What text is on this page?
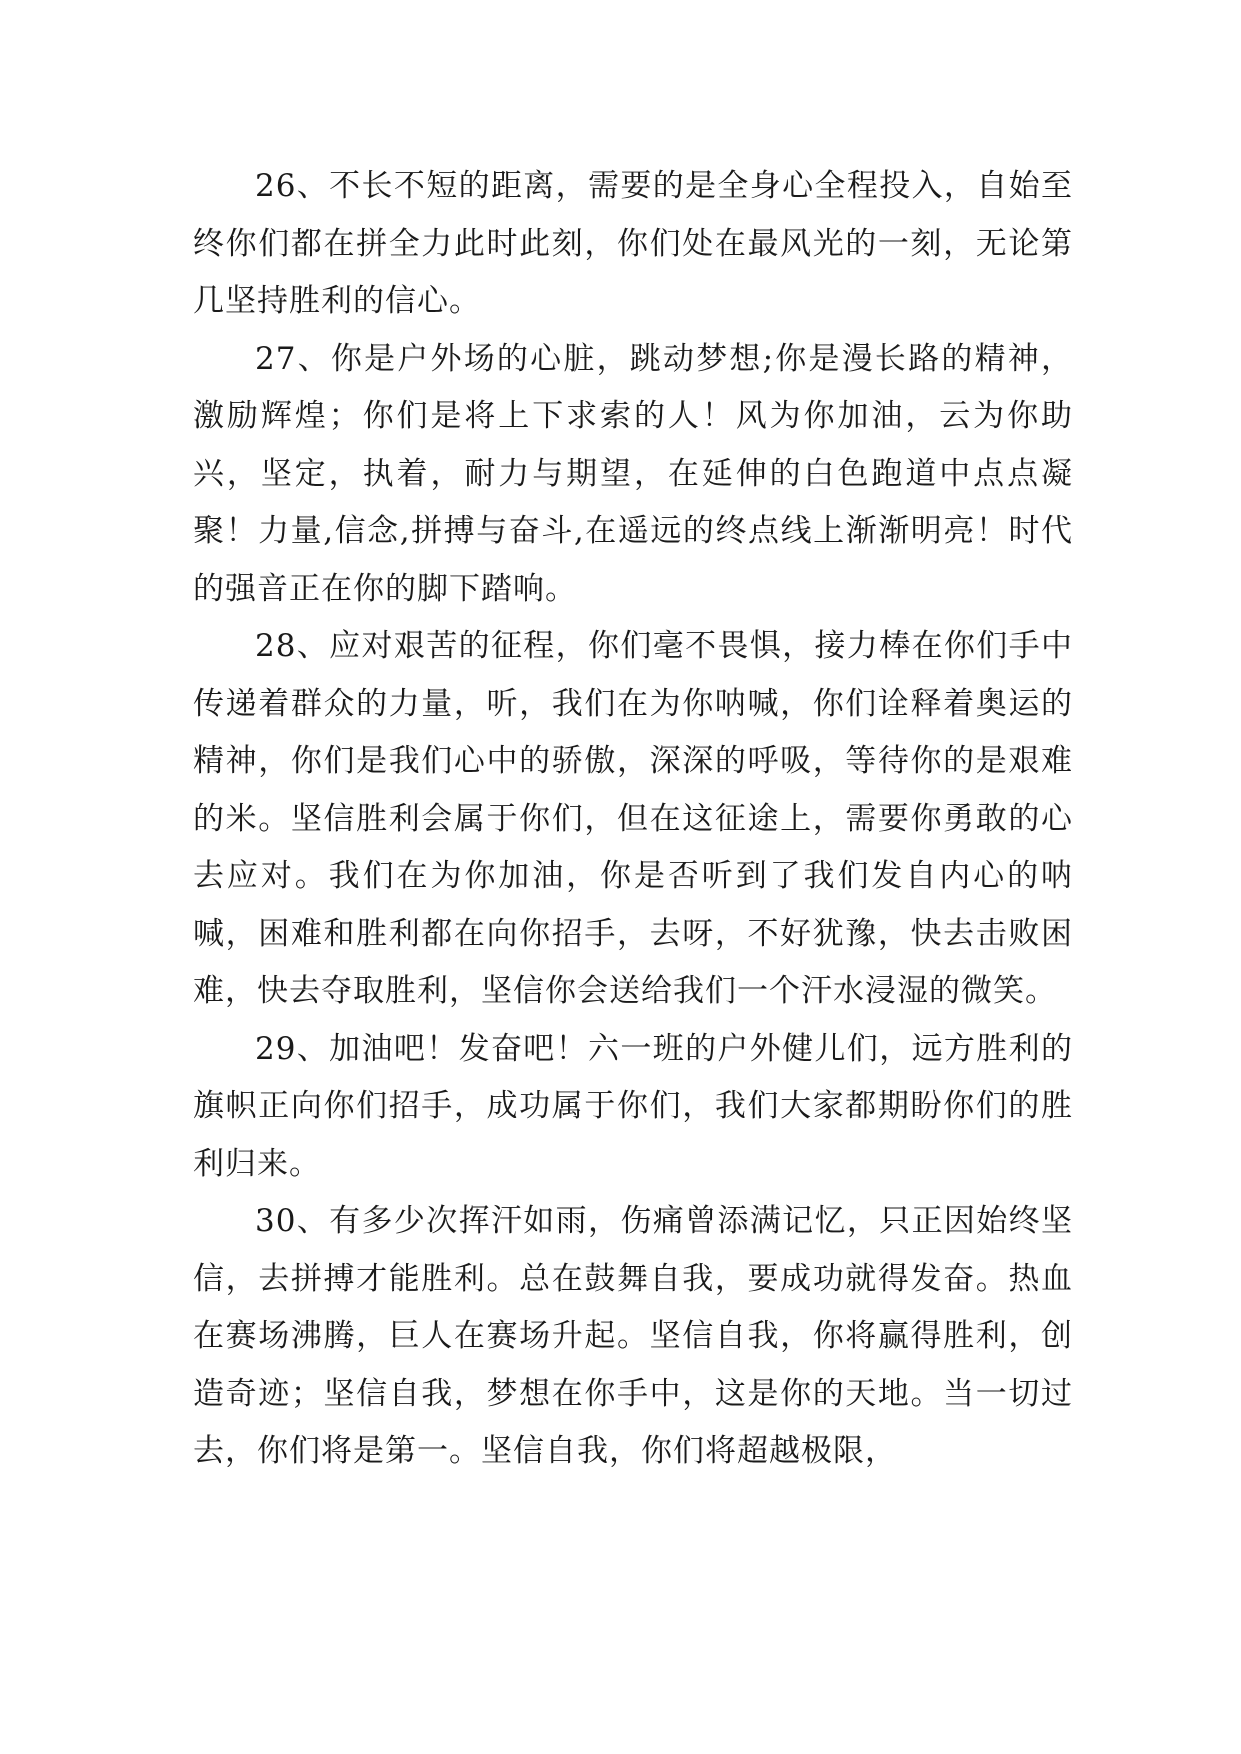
26、不长不短的距离，需要的是全身心全程投入，自始至终你们都在拼全力此时此刻，你们处在最风光的一刻，无论第几坚持胜利的信心。

27、你是户外场的心脏，跳动梦想;你是漫长路的精神，激励辉煌；你们是将上下求索的人！风为你加油，云为你助兴，坚定，执着，耐力与期望，在延伸的白色跑道中点点凝聚！力量,信念,拼搏与奋斗,在遥远的终点线上渐渐明亮！时代的强音正在你的脚下踏响。

28、应对艰苦的征程，你们毫不畏惧，接力棒在你们手中传递着群众的力量，听，我们在为你呐喊，你们诠释着奥运的精神，你们是我们心中的骄傲，深深的呼吸，等待你的是艰难的米。坚信胜利会属于你们，但在这征途上，需要你勇敢的心去应对。我们在为你加油，你是否听到了我们发自内心的呐喊，困难和胜利都在向你招手，去呀，不好犹豫，快去击败困难，快去夺取胜利，坚信你会送给我们一个汗水浸湿的微笑。

29、加油吧！发奋吧！六一班的户外健儿们，远方胜利的旗帜正向你们招手，成功属于你们，我们大家都期盼你们的胜利归来。

30、有多少次挥汗如雨，伤痛曾添满记忆，只正因始终坚信，去拼搏才能胜利。总在鼓舞自我，要成功就得发奋。热血在赛场沸腾，巨人在赛场升起。坚信自我，你将赢得胜利，创造奇迹；坚信自我，梦想在你手中，这是你的天地。当一切过去，你们将是第一。坚信自我，你们将超越极限，
